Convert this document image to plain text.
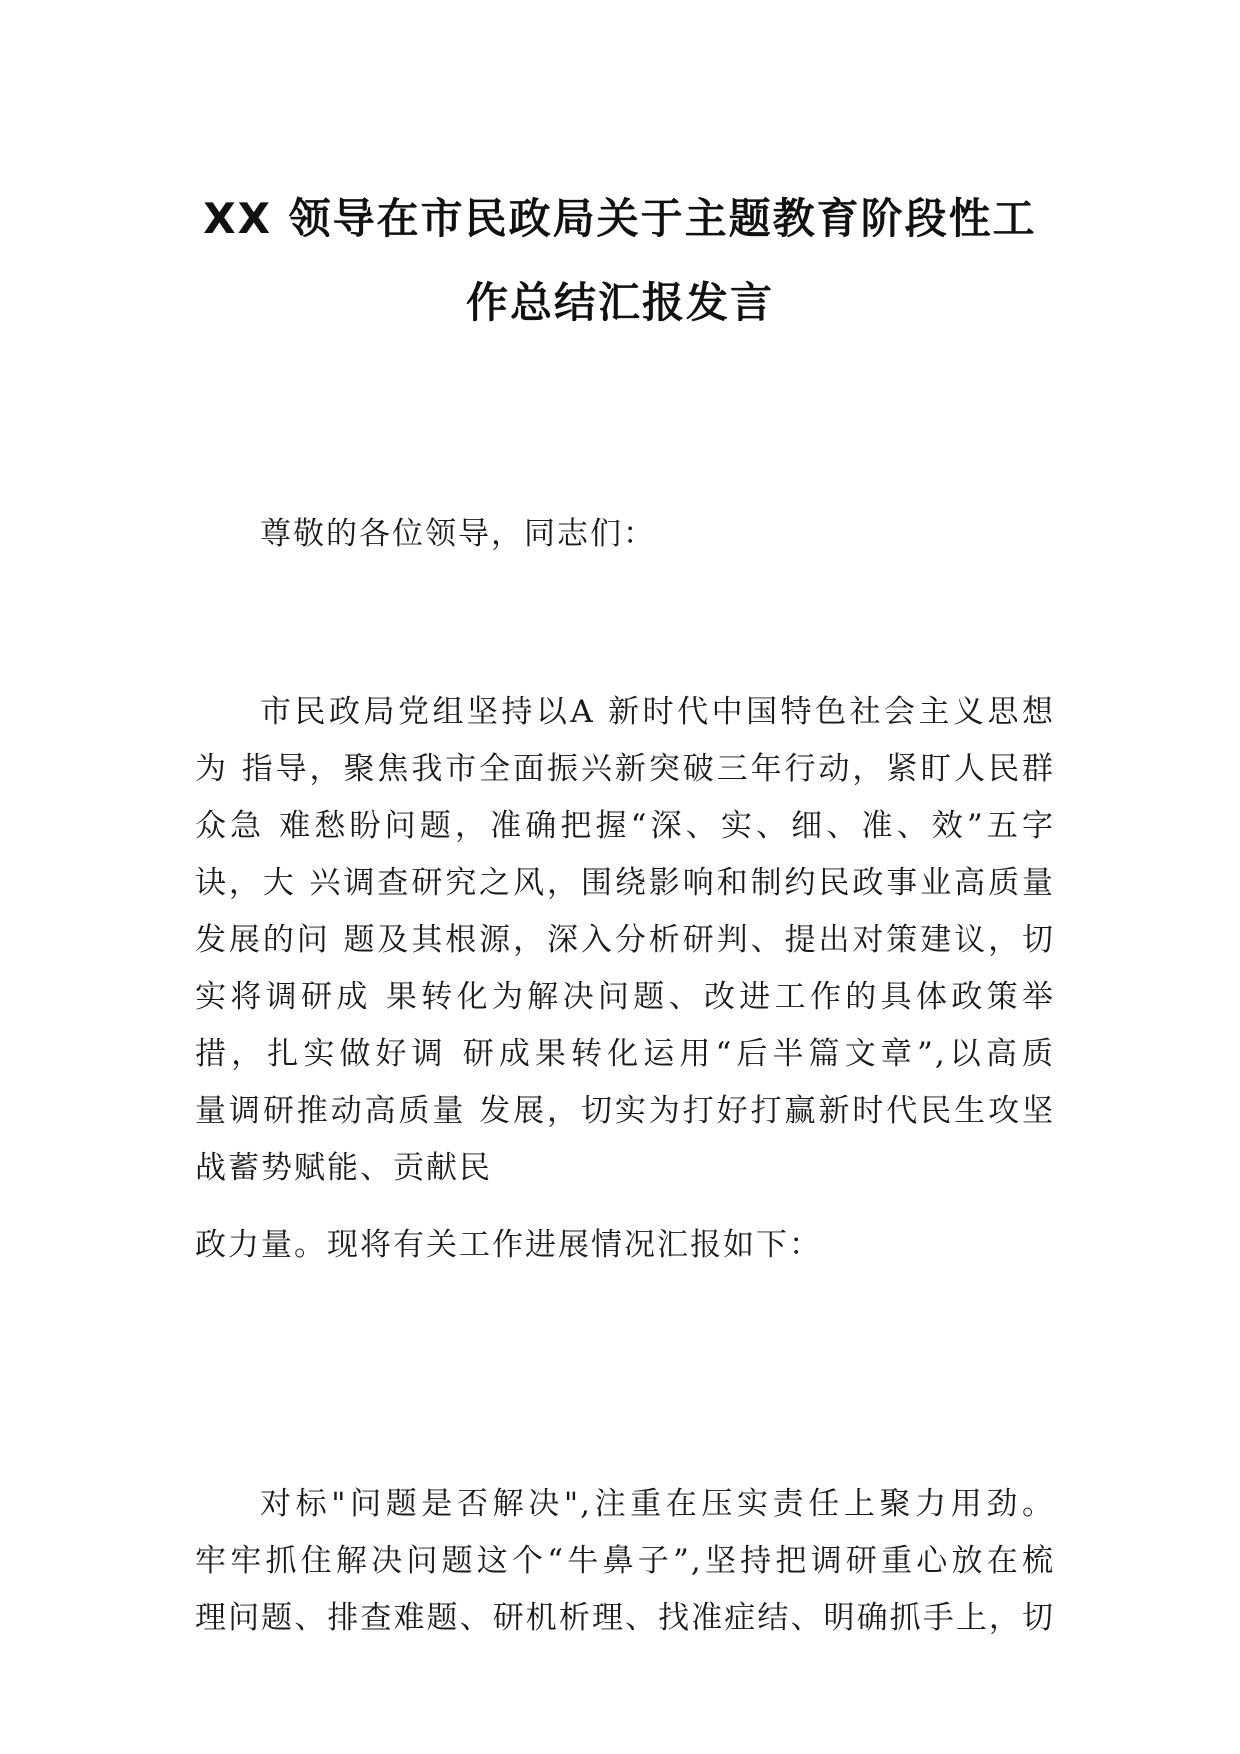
XX 领导在市民政局关于主题教育阶段性工
作总结汇报发言
尊敬的各位领导，同志们：
市民政局党组坚持以A 新时代中国特色社会主义思想
为 指导，聚焦我市全面振兴新突破三年行动，紧盯人民群
众急 难愁盼问题，准确把握“深、实、细、准、效”五字
诀，大 兴调查研究之风，围绕影响和制约民政事业高质量
发展的问 题及其根源，深入分析研判、提出对策建议，切
实将调研成 果转化为解决问题、改进工作的具体政策举
措，扎实做好调 研成果转化运用“后半篇文章”,以高质
量调研推动高质量 发展，切实为打好打赢新时代民生攻坚
战蓄势赋能、贡献民
政力量。现将有关工作进展情况汇报如下：
对标"问题是否解决",注重在压实责任上聚力用劲。
牢牢抓住解决问题这个“牛鼻子”,坚持把调研重心放在梳
理问题、排查难题、研机析理、找准症结、明确抓手上，切
